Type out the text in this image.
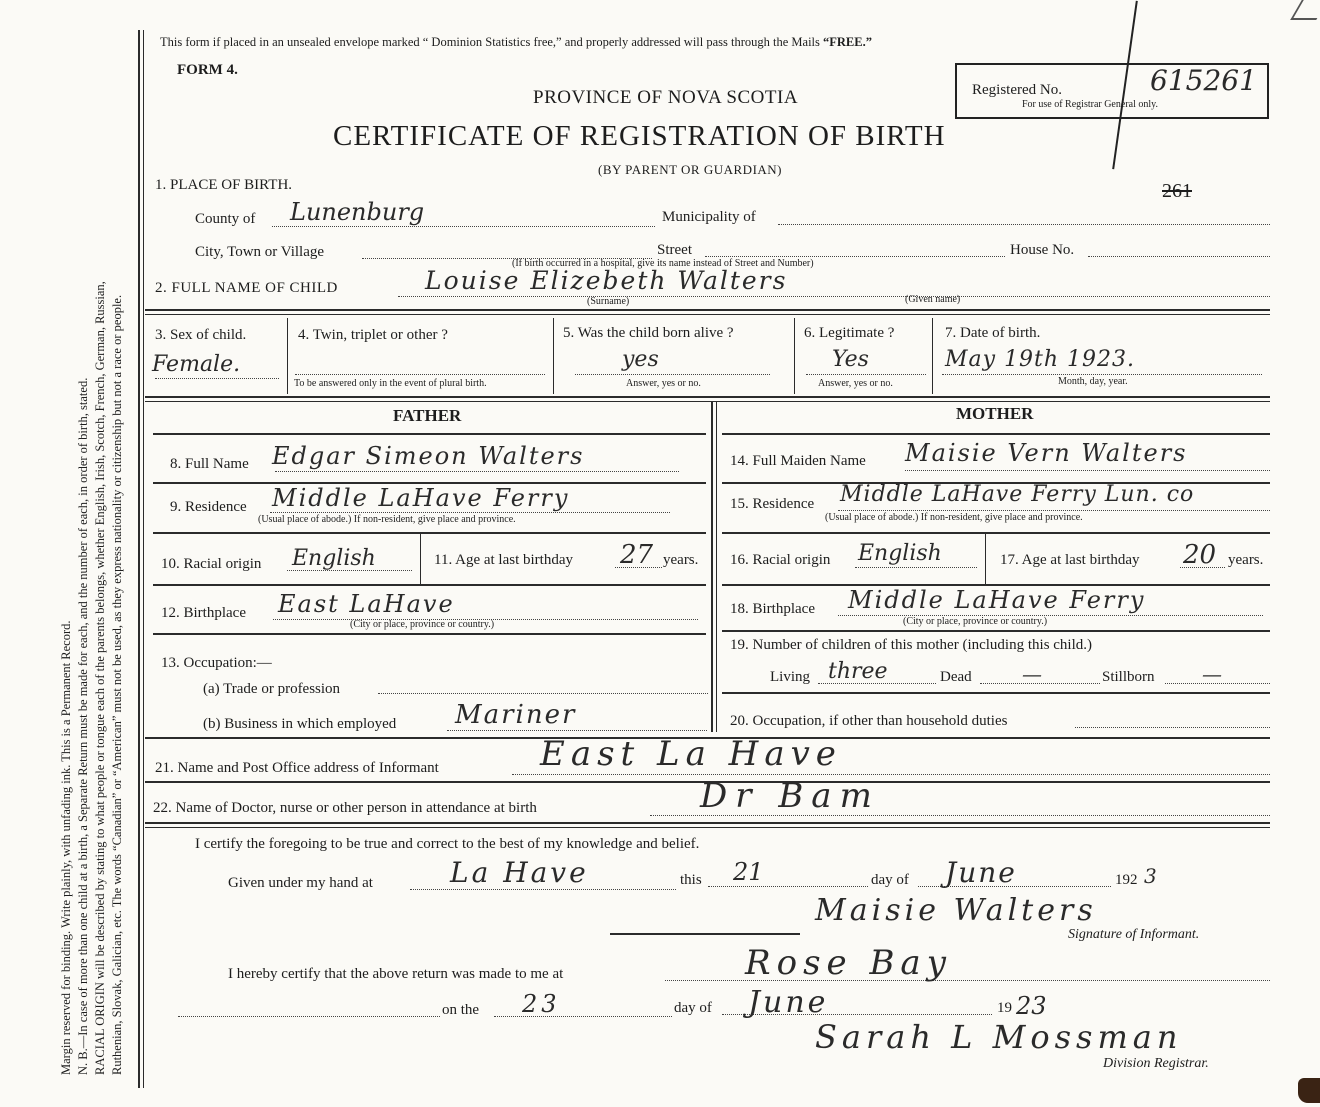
Margin reserved for binding. Write plainly, with unfading ink. This is a Permanent Record. N. B.—In case of more than one child at a birth, a Separate Return must be made for each, and the number of each, in order of birth, stated. RACIAL ORIGIN will be described by stating to what people or tongue each of the parents belongs, whether English, Irish, Scotch, French, German, Russian, Ruthenian, Slovak, Galician, etc. The words “Canadian” or “American” must not be used, as they express nationality or citizenship but not a race or people.
This form if placed in an unsealed envelope marked “ Dominion Statistics free,” and properly addressed will pass through the Mails “FREE.”
FORM 4.
PROVINCE OF NOVA SCOTIA
CERTIFICATE OF REGISTRATION OF BIRTH
(BY PARENT OR GUARDIAN)
Registered No.	615261
For use of Registrar General only.
261
1. PLACE OF BIRTH.
County of Lunenburg	Municipality of
City, Town or Village	Street	House No.
(If birth occurred in a hospital, give its name instead of Street and Number)
2. FULL NAME OF CHILD	Louise Elizebeth Walters
(Surname)	(Given name)
3. Sex of child.
Female.
4. Twin, triplet or other ?
To be answered only in the event of plural birth.
5. Was the child born alive ?
yes
Answer, yes or no.
6. Legitimate ?
Yes
Answer, yes or no.
7. Date of birth.
May 19th 1923.
Month, day, year.
FATHER	MOTHER
8. Full Name Edgar Simeon Walters
9. Residence Middle LaHave Ferry
(Usual place of abode.) If non-resident, give place and province.
10. Racial origin English	11. Age at last birthday 27 years.
12. Birthplace East LaHave
(City or place, province or country.)
13. Occupation:—
(a) Trade or profession
(b) Business in which employed Mariner
14. Full Maiden Name Maisie Vern Walters
15. Residence Middle LaHave Ferry Lun. co
(Usual place of abode.) If non-resident, give place and province.
16. Racial origin English	17. Age at last birthday 20 years.
18. Birthplace Middle LaHave Ferry
(City or place, province or country.)
19. Number of children of this mother (including this child.)
Living three	Dead	—	Stillborn —
20. Occupation, if other than household duties
21. Name and Post Office address of Informant	East La Have
22. Name of Doctor, nurse or other person in attendance at birth	Dr Bam
I certify the foregoing to be true and correct to the best of my knowledge and belief.
Given under my hand at	La Have	this 21	day of June	192 3
Maisie Walters
Signature of Informant.
I hereby certify that the above return was made to me at	Rose Bay
on the 23	day of June	19 23
Sarah L Mossman
Division Registrar.
